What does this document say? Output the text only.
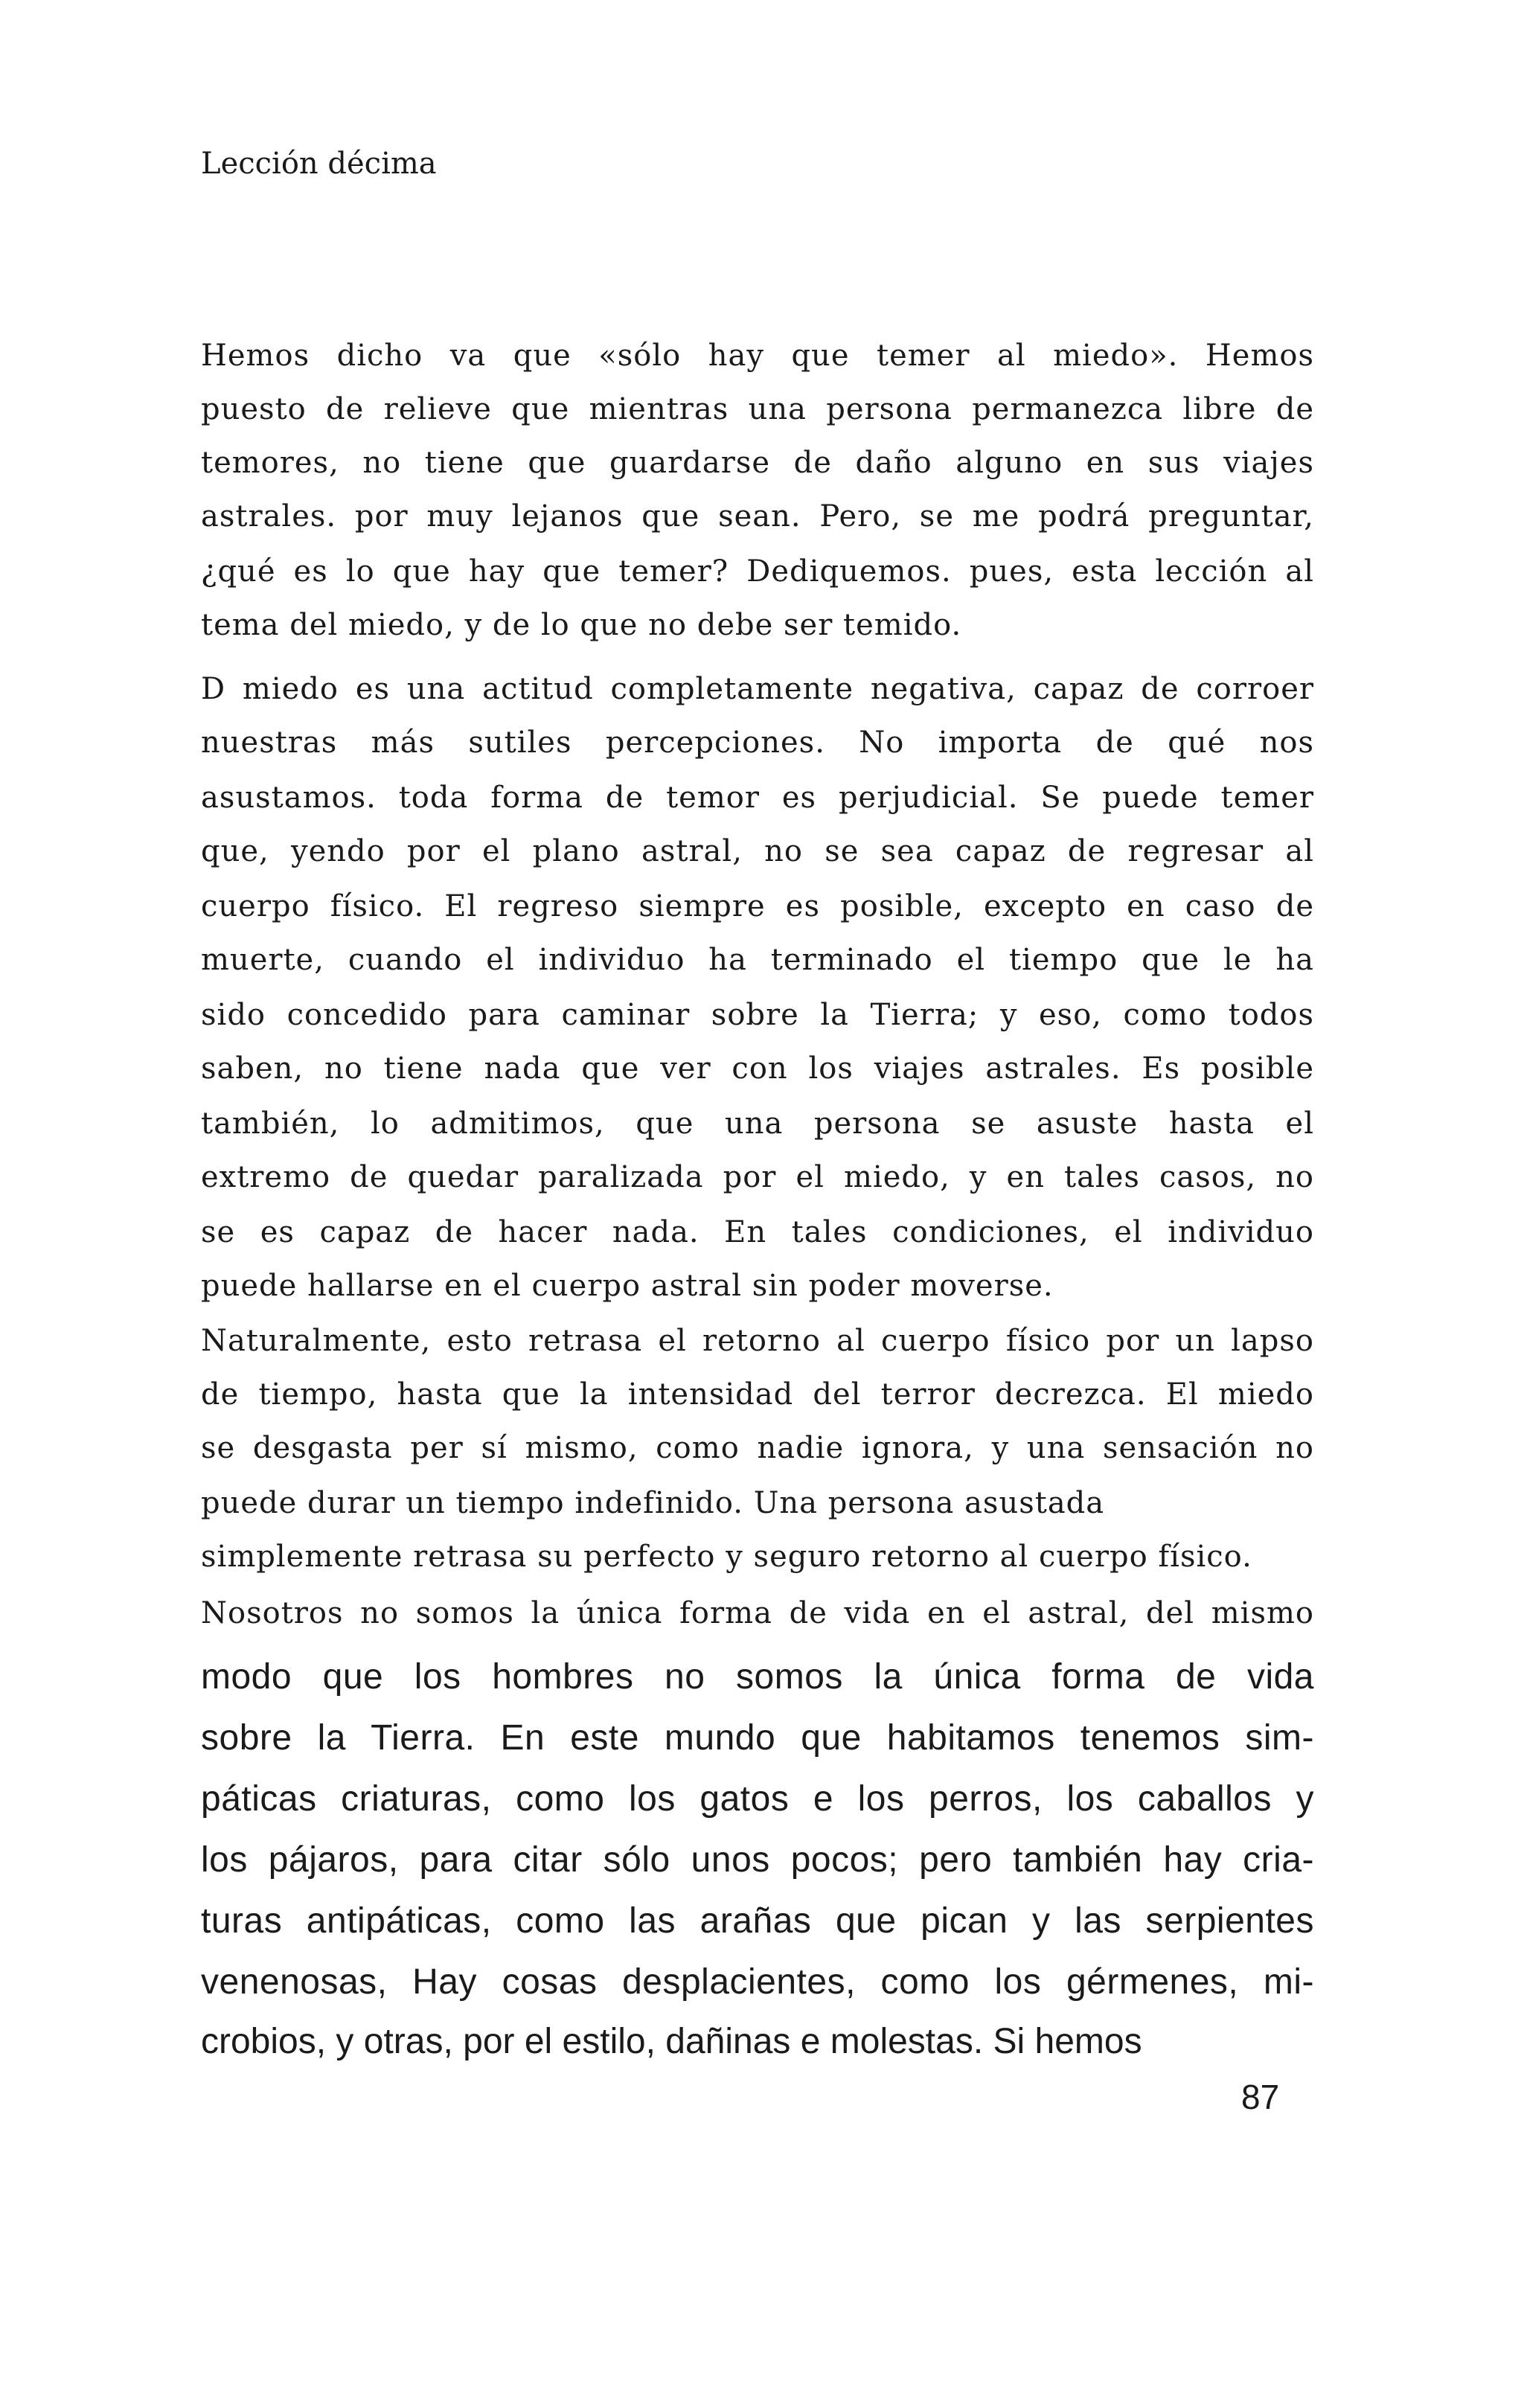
Lección décima
Hemos dicho va que «sólo hay que temer al miedo». Hemos
puesto de relieve que mientras una persona permanezca libre de
temores, no tiene que guardarse de daño alguno en sus viajes
astrales. por muy lejanos que sean. Pero, se me podrá preguntar,
¿qué es lo que hay que temer? Dediquemos. pues, esta lección al
tema del miedo, y de lo que no debe ser temido.
D miedo es una actitud completamente negativa, capaz de corroer
nuestras más sutiles percepciones. No importa de qué nos
asustamos. toda forma de temor es perjudicial. Se puede temer
que, yendo por el plano astral, no se sea capaz de regresar al
cuerpo físico. El regreso siempre es posible, excepto en caso de
muerte, cuando el individuo ha terminado el tiempo que le ha
sido concedido para caminar sobre la Tierra; y eso, como todos
saben, no tiene nada que ver con los viajes astrales. Es posible
también, lo admitimos, que una persona se asuste hasta el
extremo de quedar paralizada por el miedo, y en tales casos, no
se es capaz de hacer nada. En tales condiciones, el individuo
puede hallarse en el cuerpo astral sin poder moverse.
Naturalmente, esto retrasa el retorno al cuerpo físico por un lapso
de tiempo, hasta que la intensidad del terror decrezca. El miedo
se desgasta per sí mismo, como nadie ignora, y una sensación no
puede durar un tiempo indefinido. Una persona asustada
simplemente retrasa su perfecto y seguro retorno al cuerpo físico.
Nosotros no somos la única forma de vida en el astral, del mismo
modo que los hombres no somos la única forma de vida
sobre la Tierra. En este mundo que habitamos tenemos sim-
páticas criaturas, como los gatos e los perros, los caballos y
los pájaros, para citar sólo unos pocos; pero también hay cria-
turas antipáticas, como las arañas que pican y las serpientes
venenosas, Hay cosas desplacientes, como los gérmenes, mi-
crobios, y otras, por el estilo, dañinas e molestas. Si hemos
87
